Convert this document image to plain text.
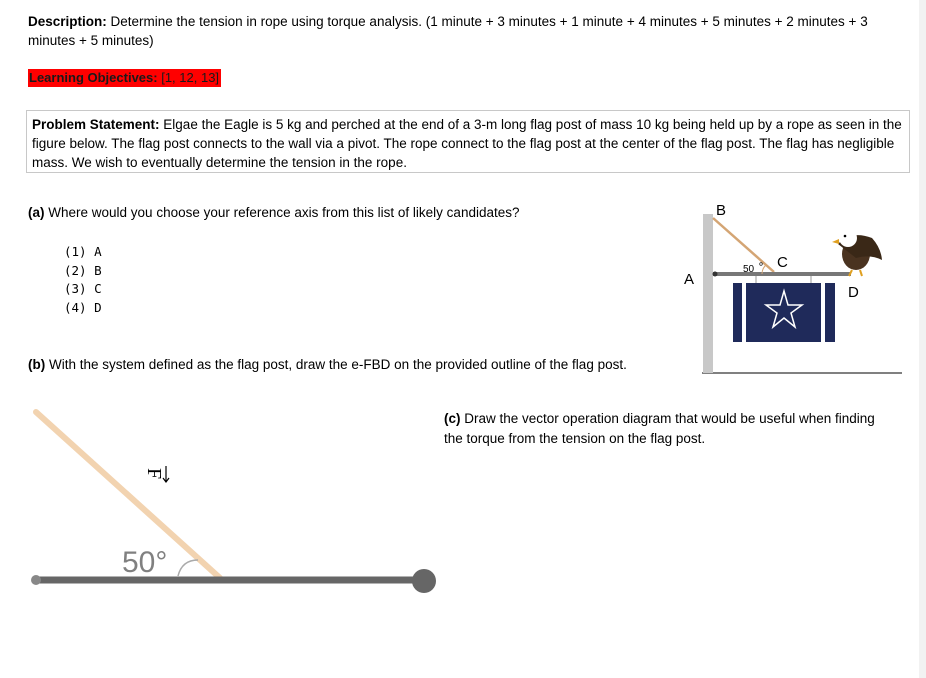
Description: Determine the tension in rope using torque analysis. (1 minute + 3 minutes + 1 minute + 4 minutes + 5 minutes + 2 minutes + 3 minutes + 5 minutes)

Learning Objectives: [1, 12, 13]
Problem Statement: Elgae the Eagle is 5 kg and perched at the end of a 3-m long flag post of mass 10 kg being held up by a rope as seen in the figure below. The flag post connects to the wall via a pivot. The rope connect to the flag post at the center of the flag post. The flag has negligible mass. We wish to eventually determine the tension in the rope.
(a) Where would you choose your reference axis from this list of likely candidates?
(1) A
(2) B
(3) C
(4) D
(b) With the system defined as the flag post, draw the e-FBD on the provided outline of the flag post.
(c) Draw the vector operation diagram that would be useful when finding the torque from the tension on the flag post.
50
A
B
C
D
50°
F
